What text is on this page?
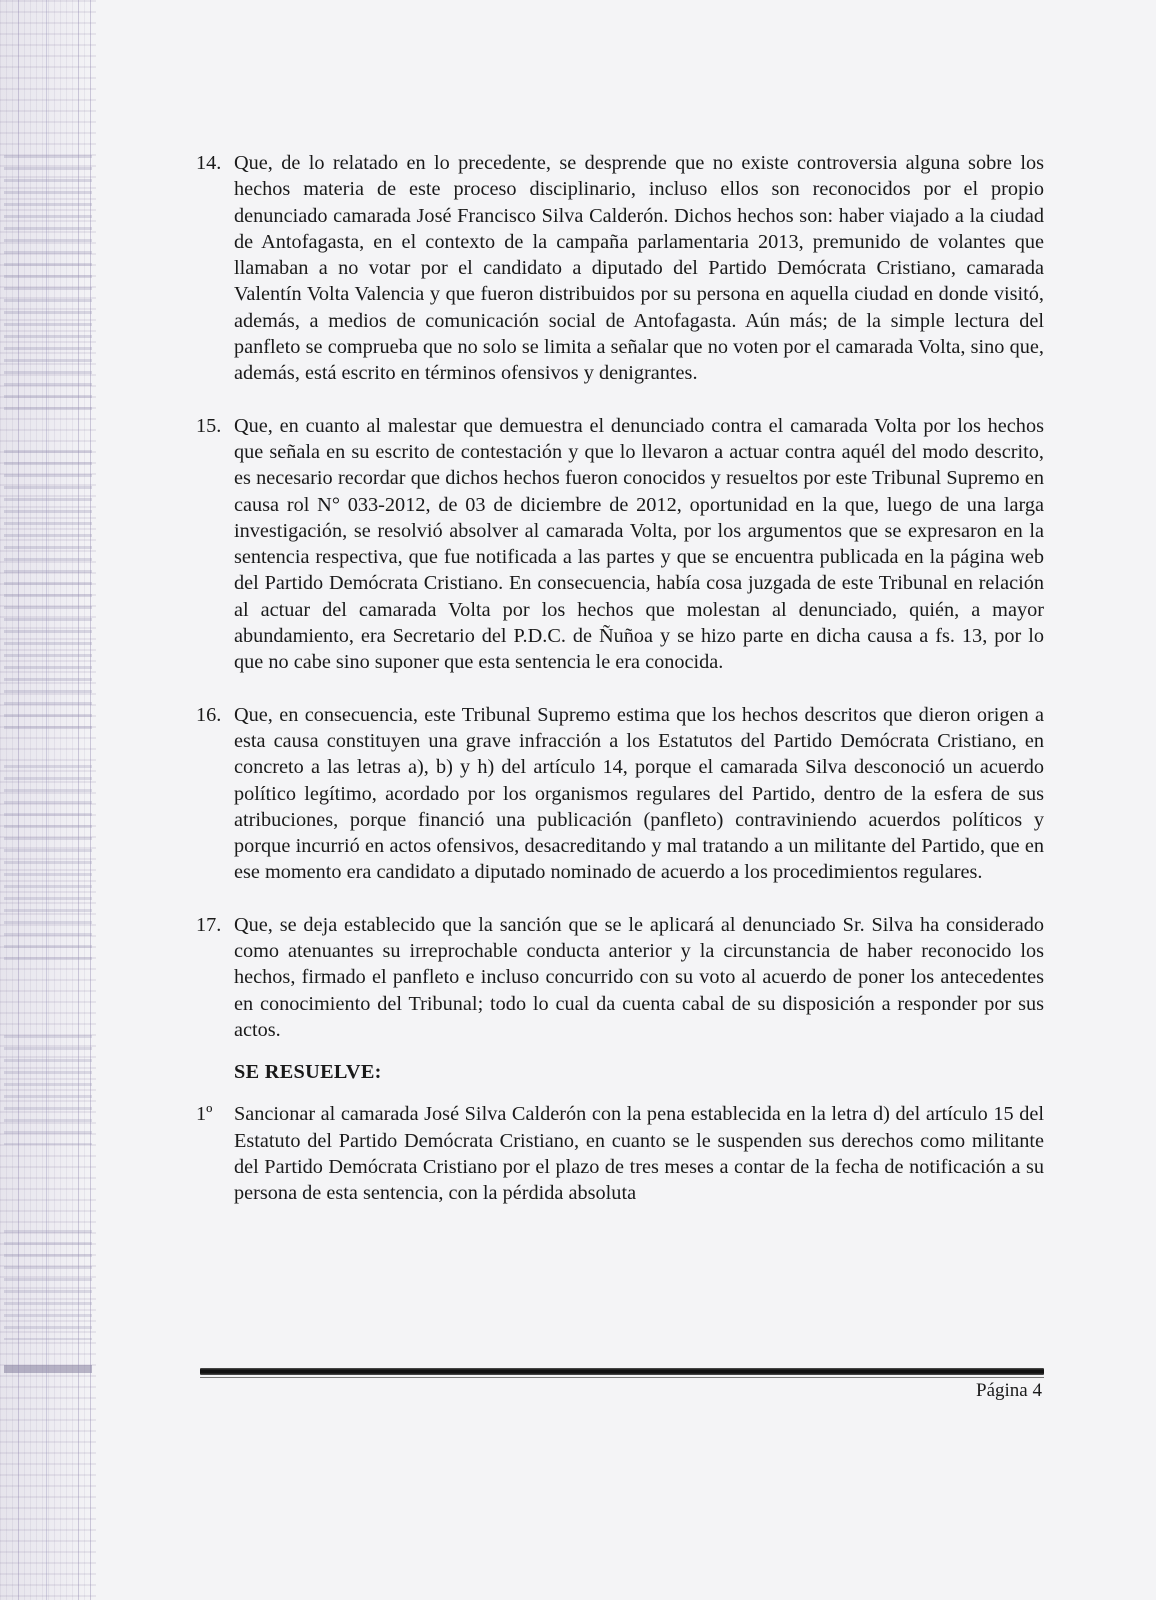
14. Que, de lo relatado en lo precedente, se desprende que no existe controversia alguna sobre los hechos materia de este proceso disciplinario, incluso ellos son reconocidos por el propio denunciado camarada José Francisco Silva Calderón. Dichos hechos son: haber viajado a la ciudad de Antofagasta, en el contexto de la campaña parlamentaria 2013, premunido de volantes que llamaban a no votar por el candidato a diputado del Partido Demócrata Cristiano, camarada Valentín Volta Valencia y que fueron distribuidos por su persona en aquella ciudad en donde visitó, además, a medios de comunicación social de Antofagasta. Aún más; de la simple lectura del panfleto se comprueba que no solo se limita a señalar que no voten por el camarada Volta, sino que, además, está escrito en términos ofensivos y denigrantes.

15. Que, en cuanto al malestar que demuestra el denunciado contra el camarada Volta por los hechos que señala en su escrito de contestación y que lo llevaron a actuar contra aquél del modo descrito, es necesario recordar que dichos hechos fueron conocidos y resueltos por este Tribunal Supremo en causa rol N° 033-2012, de 03 de diciembre de 2012, oportunidad en la que, luego de una larga investigación, se resolvió absolver al camarada Volta, por los argumentos que se expresaron en la sentencia respectiva, que fue notificada a las partes y que se encuentra publicada en la página web del Partido Demócrata Cristiano. En consecuencia, había cosa juzgada de este Tribunal en relación al actuar del camarada Volta por los hechos que molestan al denunciado, quién, a mayor abundamiento, era Secretario del P.D.C. de Ñuñoa y se hizo parte en dicha causa a fs. 13, por lo que no cabe sino suponer que esta sentencia le era conocida.

16. Que, en consecuencia, este Tribunal Supremo estima que los hechos descritos que dieron origen a esta causa constituyen una grave infracción a los Estatutos del Partido Demócrata Cristiano, en concreto a las letras a), b) y h) del artículo 14, porque el camarada Silva desconoció un acuerdo político legítimo, acordado por los organismos regulares del Partido, dentro de la esfera de sus atribuciones, porque financió una publicación (panfleto) contraviniendo acuerdos políticos y porque incurrió en actos ofensivos, desacreditando y mal tratando a un militante del Partido, que en ese momento era candidato a diputado nominado de acuerdo a los procedimientos regulares.

17. Que, se deja establecido que la sanción que se le aplicará al denunciado Sr. Silva ha considerado como atenuantes su irreprochable conducta anterior y la circunstancia de haber reconocido los hechos, firmado el panfleto e incluso concurrido con su voto al acuerdo de poner los antecedentes en conocimiento del Tribunal; todo lo cual da cuenta cabal de su disposición a responder por sus actos.

SE RESUELVE:
1º Sancionar al camarada José Silva Calderón con la pena establecida en la letra d) del artículo 15 del Estatuto del Partido Demócrata Cristiano, en cuanto se le suspenden sus derechos como militante del Partido Demócrata Cristiano por el plazo de tres meses a contar de la fecha de notificación a su persona de esta sentencia, con la pérdida absoluta

Página 4
